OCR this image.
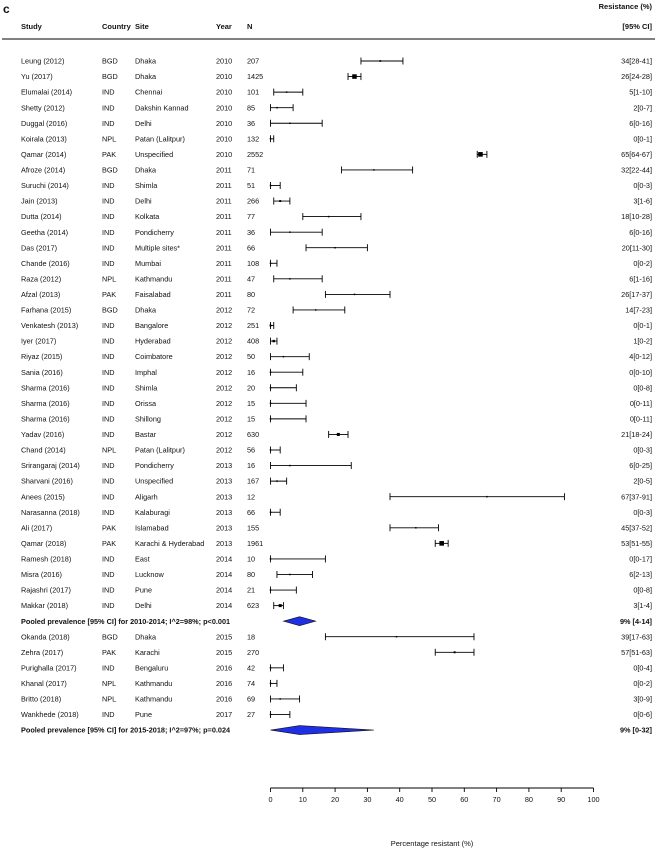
c	Resistance (%)
Study	Country Site	Year N	[95% CI]
Leung (2012)	BGD Dhaka	2010 207	34[28-41]
Yu (2017)	BGD Dhaka	2010 1425	26[24-28]
Elumalai (2014)	IND	Chennai	2010 101	5[1-10]
Shetty (2012)	IND	Dakshin Kannad	2010 85	2[0-7]
Duggal (2016)	IND	Delhi	2010 36	6[0-16]
Koirala (2013)	NPL	Patan (Lalitpur)	2010 132	0[0-1]
Qamar (2014)	PAK	Unspecified	2010 2552	65[64-67]
Afroze (2014)	BGD Dhaka	2011 71	32[22-44]
Suruchi (2014)	IND	Shimla	2011 51	0[0-3]
Jain (2013)	IND	Delhi	2011 266	3[1-6]
Dutta (2014)	IND	Kolkata	2011 77	18[10-28]
Geetha (2014)	IND	Pondicherry	2011 36	6[0-16]
Das (2017)	IND	Multiple sites*	2011 66	20[11-30]
Chande (2016)	IND	Mumbai	2011 108	0[0-2]
Raza (2012)	NPL	Kathmandu	2011 47	6[1-16]
Afzal (2013)	PAK	Faisalabad	2011 80	26[17-37]
Farhana (2015)	BGD Dhaka	2012 72	14[7-23]
Venkatesh (2013)	IND	Bangalore	2012 251	0[0-1]
Iyer (2017)	IND	Hyderabad	2012 408	1[0-2]
Riyaz (2015)	IND	Coimbatore	2012 50	4[0-12]
Sania (2016)	IND	Imphal	2012 16	0[0-10]
Sharma (2016)	IND	Shimla	2012 20	0[0-8]
Sharma (2016)	IND	Orissa	2012 15	0[0-11]
Sharma (2016)	IND	Shillong	2012 15	0[0-11]
Yadav (2016)	IND	Bastar	2012 630	21[18-24]
Chand (2014)	NPL	Patan (Lalitpur)	2012 56	0[0-3]
Srirangaraj (2014)	IND	Pondicherry	2013 16	6[0-25]
Sharvani (2016)	IND	Unspecified	2013 167	2[0-5]
Anees (2015)	IND	Aligarh	2013 12	67[37-91]
Narasanna (2018)	IND	Kalaburagi	2013 66	0[0-3]
Ali (2017)	PAK	Islamabad	2013 155	45[37-52]
Qamar (2018)	PAK	Karachi & Hyderabad 2013 1961	53[51-55]
Ramesh (2018)	IND	East	2014 10	0[0-17]
Misra (2016)	IND	Lucknow	2014 80	6[2-13]
Rajashri (2017)	IND	Pune	2014 21	0[0-8]
Makkar (2018)	IND	Delhi	2014 623	3[1-4]
Pooled prevalence [95% CI] for 2010-2014; I^2=98%; p<0.001	9% [4-14]
Okanda (2018)	BGD Dhaka	2015 18	39[17-63]
Zehra (2017)	PAK	Karachi	2015 270	57[51-63]
Purighalla (2017)	IND	Bengaluru	2016 42	0[0-4]
Khanal (2017)	NPL	Kathmandu	2016 74	0[0-2]
Britto (2018)	NPL	Kathmandu	2016 69	3[0-9]
Wankhede (2018)	IND	Pune	2017 27	0[0-6]
Pooled prevalence [95% CI] for 2015-2018; I^2=97%; p=0.024	9% [0-32]
0	10	20	30	40	50	60	70	80	90	100
Percentage resistant (%)
